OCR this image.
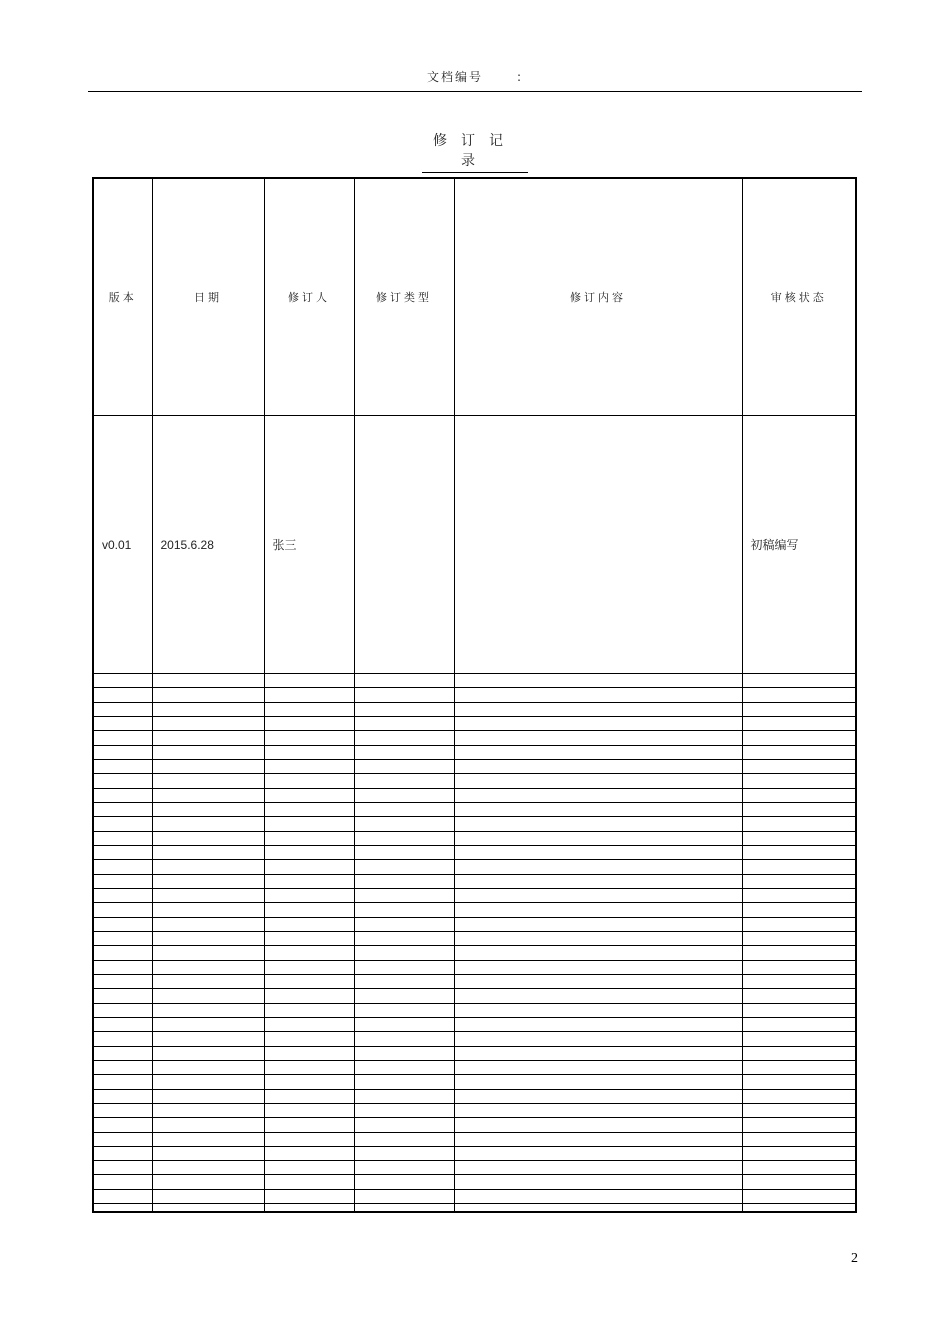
文档编号	:
修订记录
版本	日期	修订人	修订类型	修订内容	审核状态
v0.01	2015.6.28	张三			初稿编写

2
